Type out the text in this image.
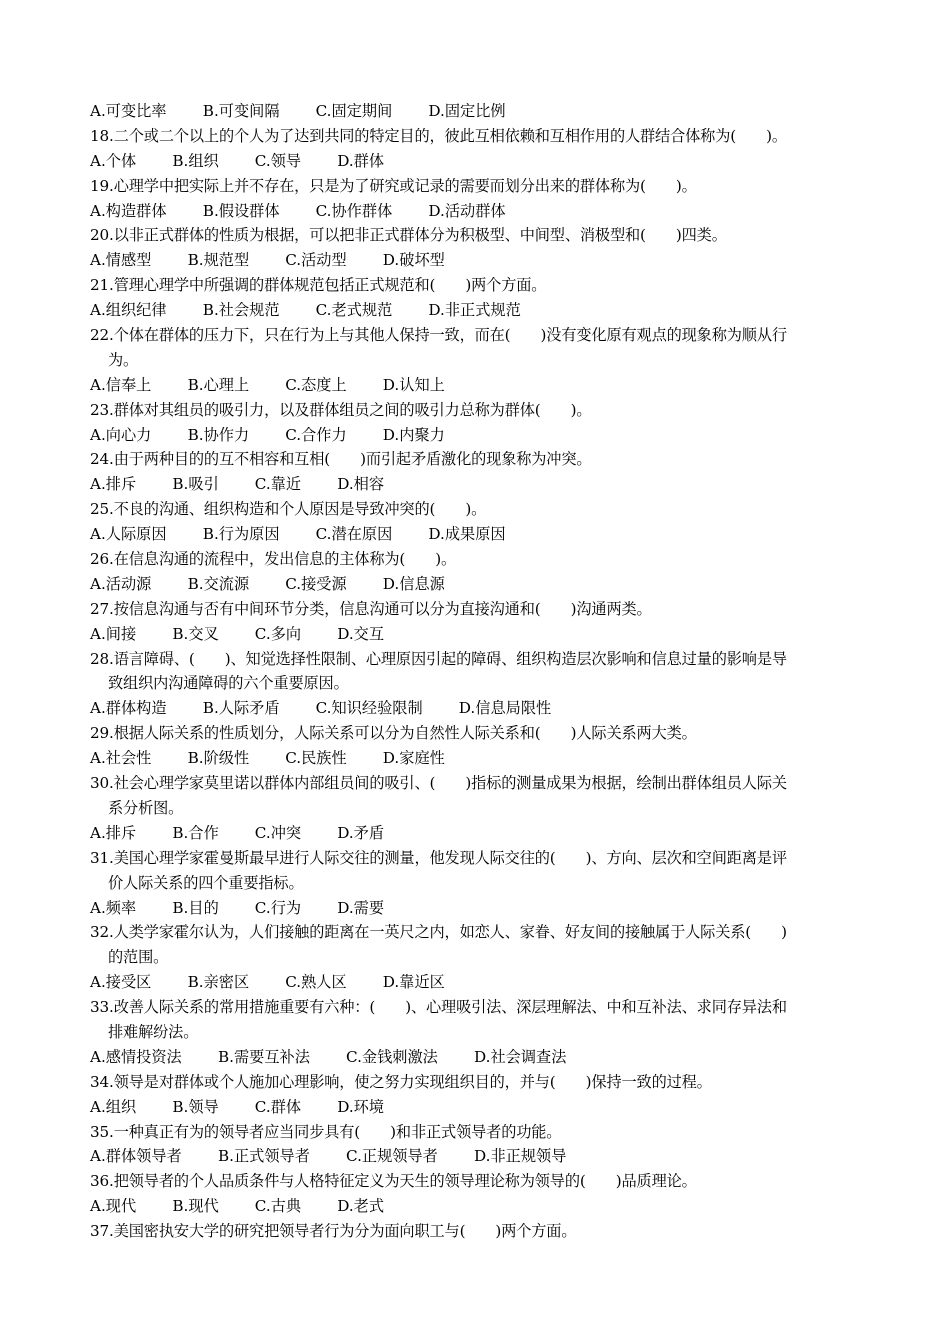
A.可变比率 B.可变间隔 C.固定期间 D.固定比例
18.二个或二个以上的个人为了达到共同的特定目的，彼此互相依赖和互相作用的人群结合体称为(　　)。
A.个体 B.组织 C.领导 D.群体
19.心理学中把实际上并不存在，只是为了研究或记录的需要而划分出来的群体称为(　　)。
A.构造群体 B.假设群体 C.协作群体 D.活动群体
20.以非正式群体的性质为根据，可以把非正式群体分为积极型、中间型、消极型和(　　)四类。
A.情感型 B.规范型 C.活动型 D.破坏型
21.管理心理学中所强调的群体规范包括正式规范和(　　)两个方面。
A.组织纪律 B.社会规范 C.老式规范 D.非正式规范
22.个体在群体的压力下，只在行为上与其他人保持一致，而在(　　)没有变化原有观点的现象称为顺从行
为。
A.信奉上 B.心理上 C.态度上 D.认知上
23.群体对其组员的吸引力，以及群体组员之间的吸引力总称为群体(　　)。
A.向心力 B.协作力 C.合作力 D.内聚力
24.由于两种目的的互不相容和互相(　　)而引起矛盾激化的现象称为冲突。
A.排斥 B.吸引 C.靠近 D.相容
25.不良的沟通、组织构造和个人原因是导致冲突的(　　)。
A.人际原因 B.行为原因 C.潜在原因 D.成果原因
26.在信息沟通的流程中，发出信息的主体称为(　　)。
A.活动源 B.交流源 C.接受源 D.信息源
27.按信息沟通与否有中间环节分类，信息沟通可以分为直接沟通和(　　)沟通两类。
A.间接 B.交叉 C.多向 D.交互
28.语言障碍、(　　)、知觉选择性限制、心理原因引起的障碍、组织构造层次影响和信息过量的影响是导
致组织内沟通障碍的六个重要原因。
A.群体构造 B.人际矛盾 C.知识经验限制 D.信息局限性
29.根据人际关系的性质划分，人际关系可以分为自然性人际关系和(　　)人际关系两大类。
A.社会性 B.阶级性 C.民族性 D.家庭性
30.社会心理学家莫里诺以群体内部组员间的吸引、(　　)指标的测量成果为根据，绘制出群体组员人际关
系分析图。
A.排斥 B.合作 C.冲突 D.矛盾
31.美国心理学家霍曼斯最早进行人际交往的测量，他发现人际交往的(　　)、方向、层次和空间距离是评
价人际关系的四个重要指标。
A.频率 B.目的 C.行为 D.需要
32.人类学家霍尔认为，人们接触的距离在一英尺之内，如恋人、家眷、好友间的接触属于人际关系(　　)
的范围。
A.接受区 B.亲密区 C.熟人区 D.靠近区
33.改善人际关系的常用措施重要有六种：(　　)、心理吸引法、深层理解法、中和互补法、求同存异法和
排难解纷法。
A.感情投资法 B.需要互补法 C.金钱刺激法 D.社会调查法
34.领导是对群体或个人施加心理影响，使之努力实现组织目的，并与(　　)保持一致的过程。
A.组织 B.领导 C.群体 D.环境
35.一种真正有为的领导者应当同步具有(　　)和非正式领导者的功能。
A.群体领导者 B.正式领导者 C.正规领导者 D.非正规领导
36.把领导者的个人品质条件与人格特征定义为天生的领导理论称为领导的(　　)品质理论。
A.现代 B.现代 C.古典 D.老式
37.美国密执安大学的研究把领导者行为分为面向职工与(　　)两个方面。
